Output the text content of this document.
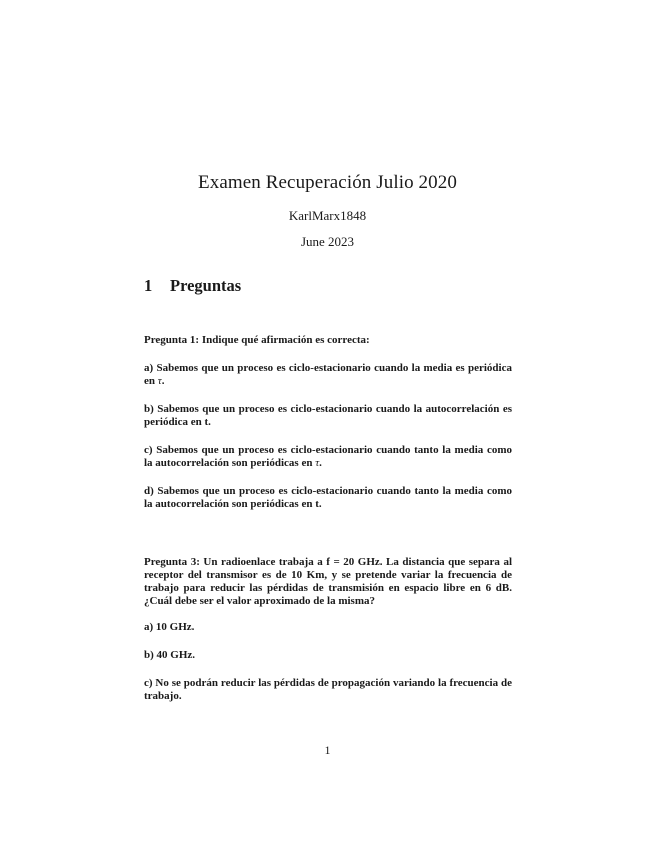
Examen Recuperación Julio 2020
KarlMarx1848
June 2023
1 Preguntas
Pregunta 1: Indique qué afirmación es correcta:
a) Sabemos que un proceso es ciclo-estacionario cuando la media es periódica en τ.
b) Sabemos que un proceso es ciclo-estacionario cuando la autocorrelación es periódica en t.
c) Sabemos que un proceso es ciclo-estacionario cuando tanto la media como la autocorrelación son periódicas en τ.
d) Sabemos que un proceso es ciclo-estacionario cuando tanto la media como la autocorrelación son periódicas en t.
Pregunta 3: Un radioenlace trabaja a f = 20 GHz. La distancia que separa al receptor del transmisor es de 10 Km, y se pretende variar la frecuencia de trabajo para reducir las pérdidas de transmisión en espacio libre en 6 dB. ¿Cuál debe ser el valor aproximado de la misma?
a) 10 GHz.
b) 40 GHz.
c) No se podrán reducir las pérdidas de propagación variando la frecuencia de trabajo.
1
